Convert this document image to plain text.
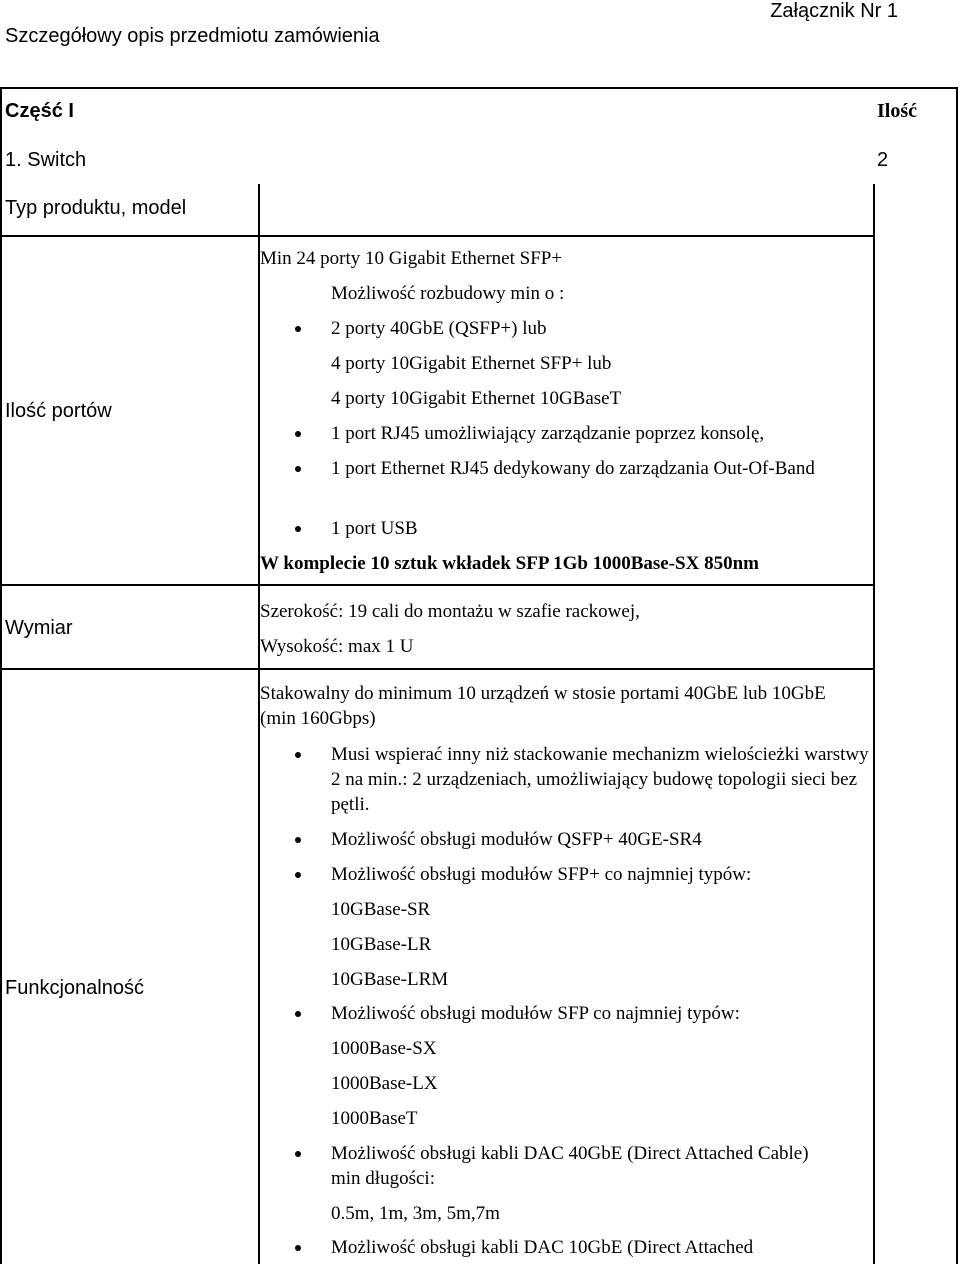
Załącznik Nr 1
Szczegółowy opis przedmiotu zamówienia
Część I	Ilość
1. Switch	2
Typ produktu, model
Ilość portów
Min 24 porty 10 Gigabit Ethernet SFP+
Możliwość rozbudowy min o :
2 porty 40GbE (QSFP+) lub
4 porty 10Gigabit Ethernet SFP+ lub
4 porty 10Gigabit Ethernet 10GBaseT
1 port RJ45 umożliwiający zarządzanie poprzez konsolę,
1 port Ethernet RJ45 dedykowany do zarządzania Out-Of-Band
1 port USB
W komplecie 10 sztuk wkładek SFP 1Gb 1000Base-SX 850nm
Wymiar
Szerokość: 19 cali do montażu w szafie rackowej,
Wysokość: max 1 U
Funkcjonalność
Stakowalny do minimum 10 urządzeń w stosie portami 40GbE lub 10GbE (min 160Gbps)
Musi wspierać inny niż stackowanie mechanizm wielościeżki warstwy 2 na min.: 2 urządzeniach, umożliwiający budowę topologii sieci bez pętli.
Możliwość obsługi modułów QSFP+ 40GE-SR4
Możliwość obsługi modułów SFP+ co najmniej typów:
10GBase-SR
10GBase-LR
10GBase-LRM
Możliwość obsługi modułów SFP co najmniej typów:
1000Base-SX
1000Base-LX
1000BaseT
Możliwość obsługi kabli DAC 40GbE (Direct Attached Cable) min długości:
0.5m, 1m, 3m, 5m,7m
Możliwość obsługi kabli DAC 10GbE (Direct Attached
